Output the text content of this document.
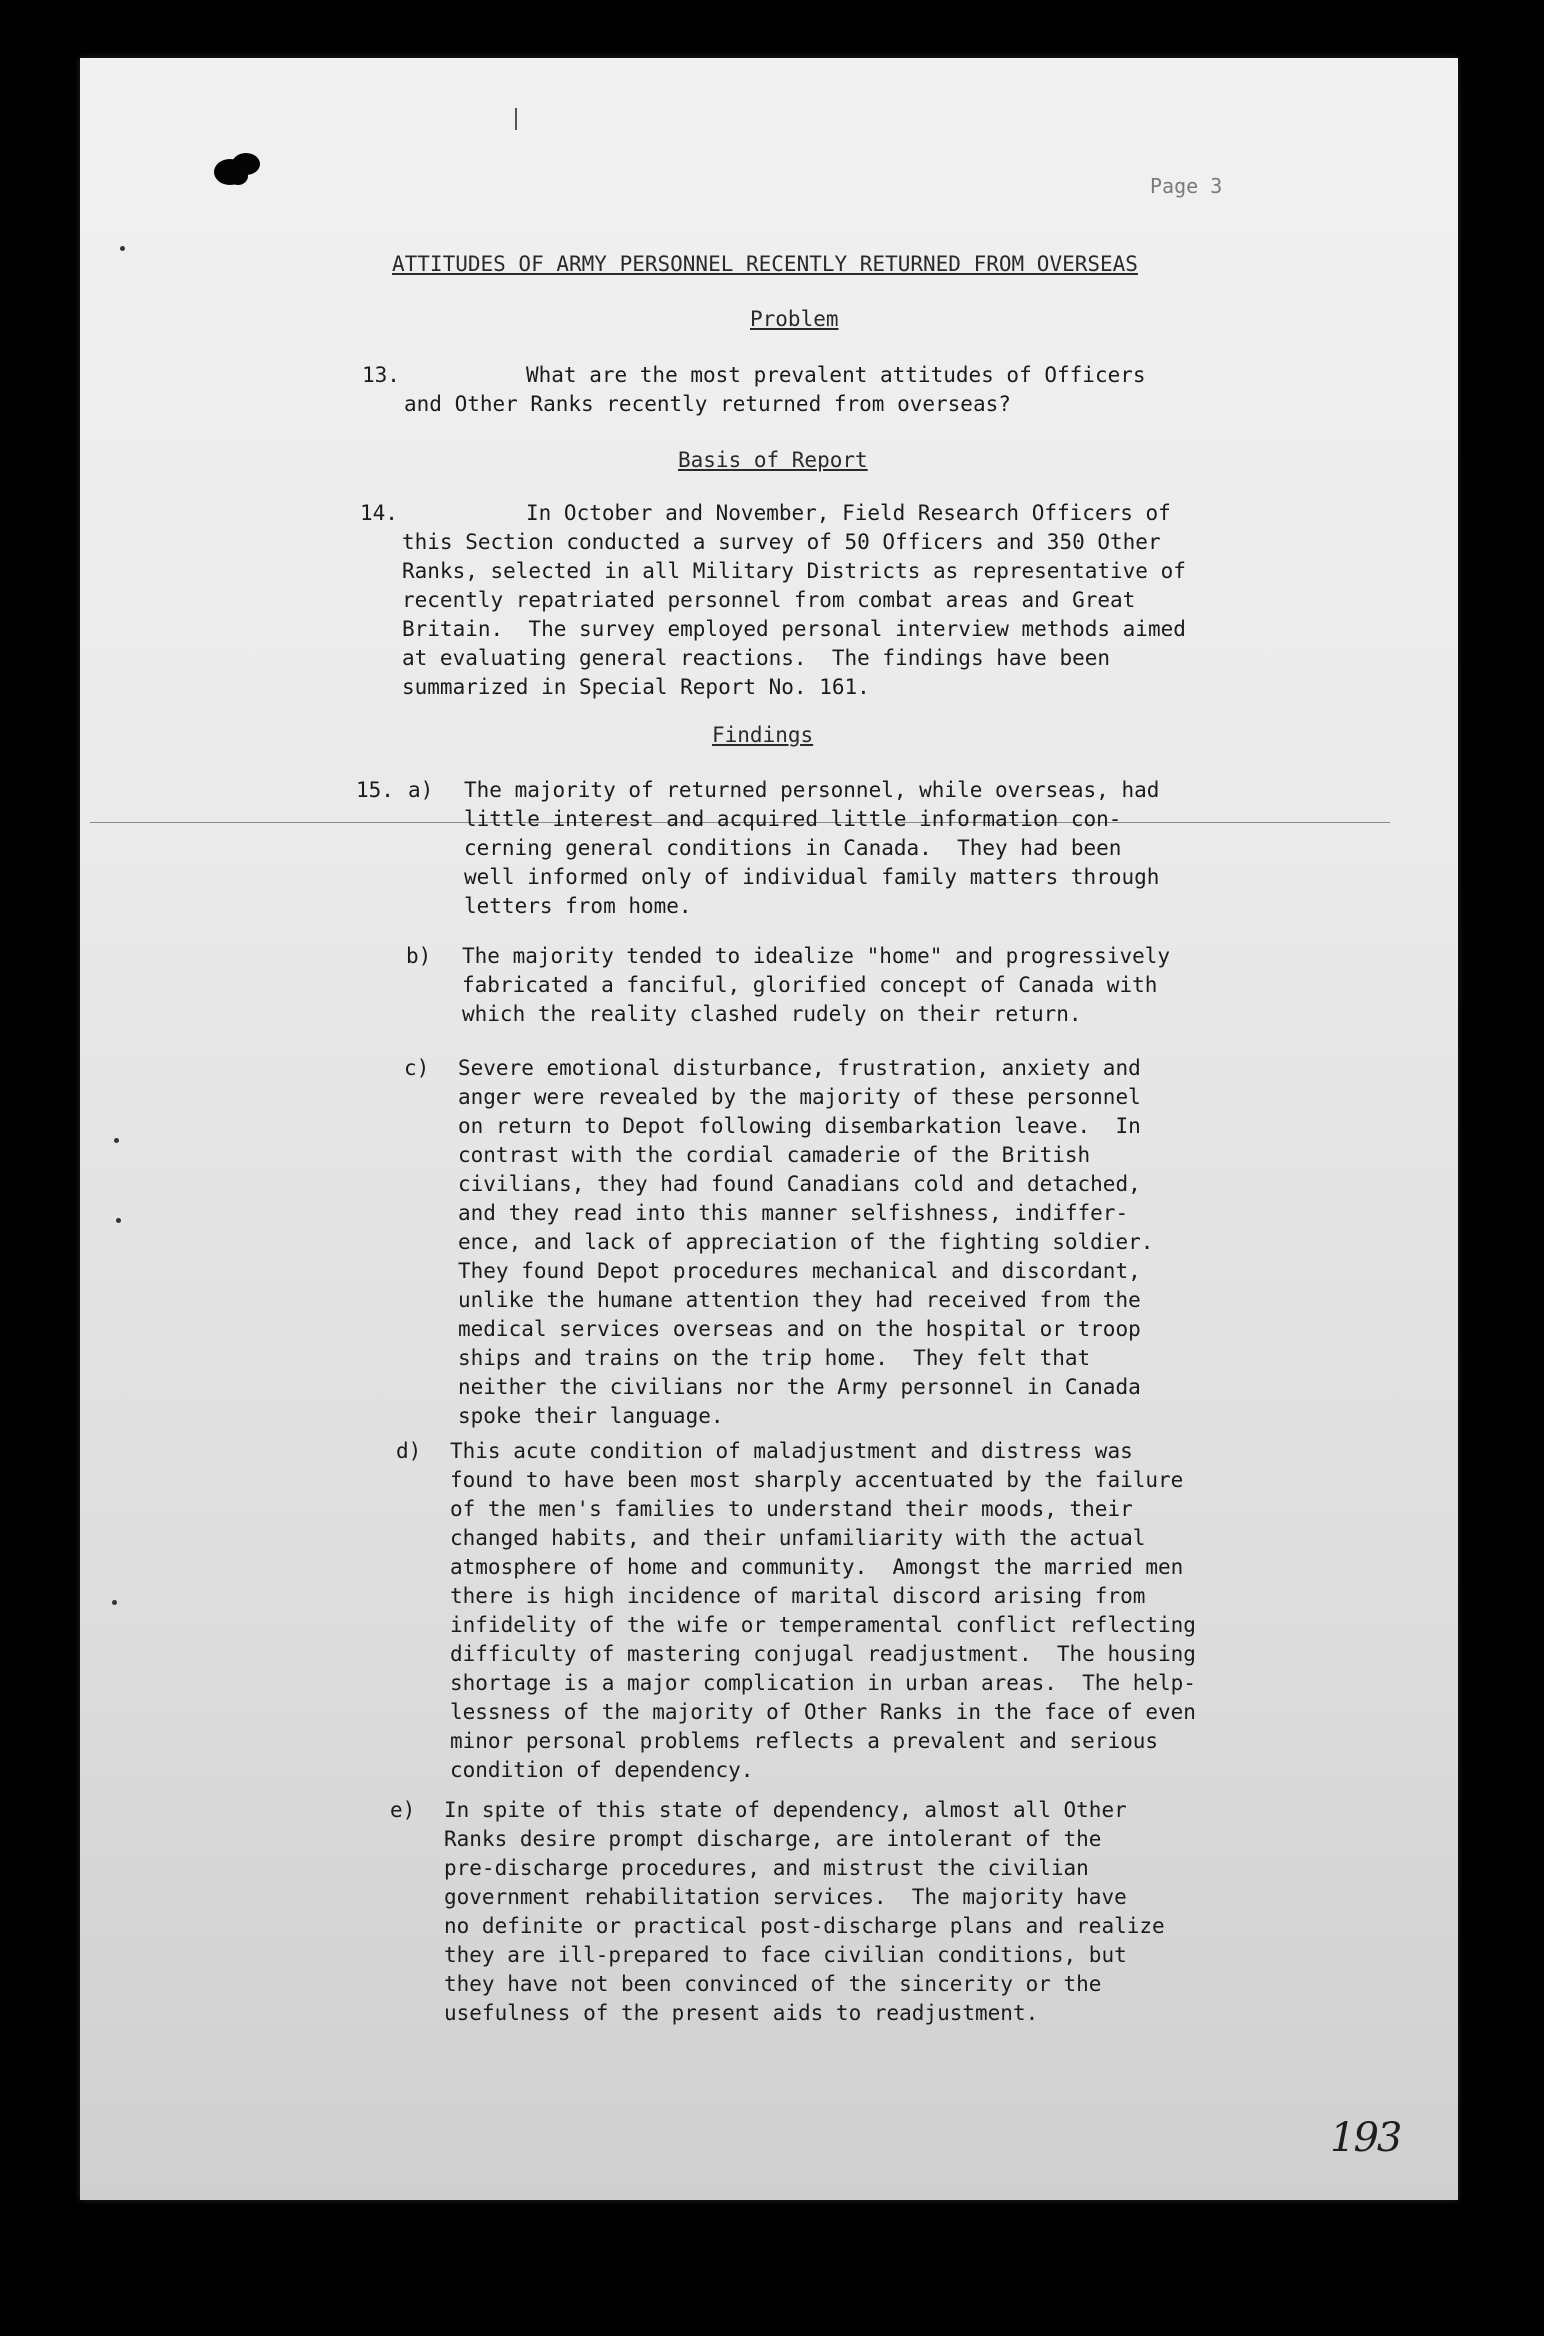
Page 3
ATTITUDES OF ARMY PERSONNEL RECENTLY RETURNED FROM OVERSEAS
Problem
13.	What are the most prevalent attitudes of Officers
and Other Ranks recently returned from overseas?
Basis of Report
14.	In October and November, Field Research Officers of
this Section conducted a survey of 50 Officers and 350 Other
Ranks, selected in all Military Districts as representative of
recently repatriated personnel from combat areas and Great
Britain.  The survey employed personal interview methods aimed
at evaluating general reactions.  The findings have been
summarized in Special Report No. 161.
Findings
15. a) The majority of returned personnel, while overseas, had
little interest and acquired little information con-
cerning general conditions in Canada.  They had been
well informed only of individual family matters through
letters from home.
b) The majority tended to idealize "home" and progressively
fabricated a fanciful, glorified concept of Canada with
which the reality clashed rudely on their return.
c) Severe emotional disturbance, frustration, anxiety and
anger were revealed by the majority of these personnel
on return to Depot following disembarkation leave.  In
contrast with the cordial camaderie of the British
civilians, they had found Canadians cold and detached,
and they read into this manner selfishness, indiffer-
ence, and lack of appreciation of the fighting soldier.
They found Depot procedures mechanical and discordant,
unlike the humane attention they had received from the
medical services overseas and on the hospital or troop
ships and trains on the trip home.  They felt that
neither the civilians nor the Army personnel in Canada
spoke their language.
d) This acute condition of maladjustment and distress was
found to have been most sharply accentuated by the failure
of the men's families to understand their moods, their
changed habits, and their unfamiliarity with the actual
atmosphere of home and community.  Amongst the married men
there is high incidence of marital discord arising from
infidelity of the wife or temperamental conflict reflecting
difficulty of mastering conjugal readjustment.  The housing
shortage is a major complication in urban areas.  The help-
lessness of the majority of Other Ranks in the face of even
minor personal problems reflects a prevalent and serious
condition of dependency.
e) In spite of this state of dependency, almost all Other
Ranks desire prompt discharge, are intolerant of the
pre-discharge procedures, and mistrust the civilian
government rehabilitation services.  The majority have
no definite or practical post-discharge plans and realize
they are ill-prepared to face civilian conditions, but
they have not been convinced of the sincerity or the
usefulness of the present aids to readjustment.
193
